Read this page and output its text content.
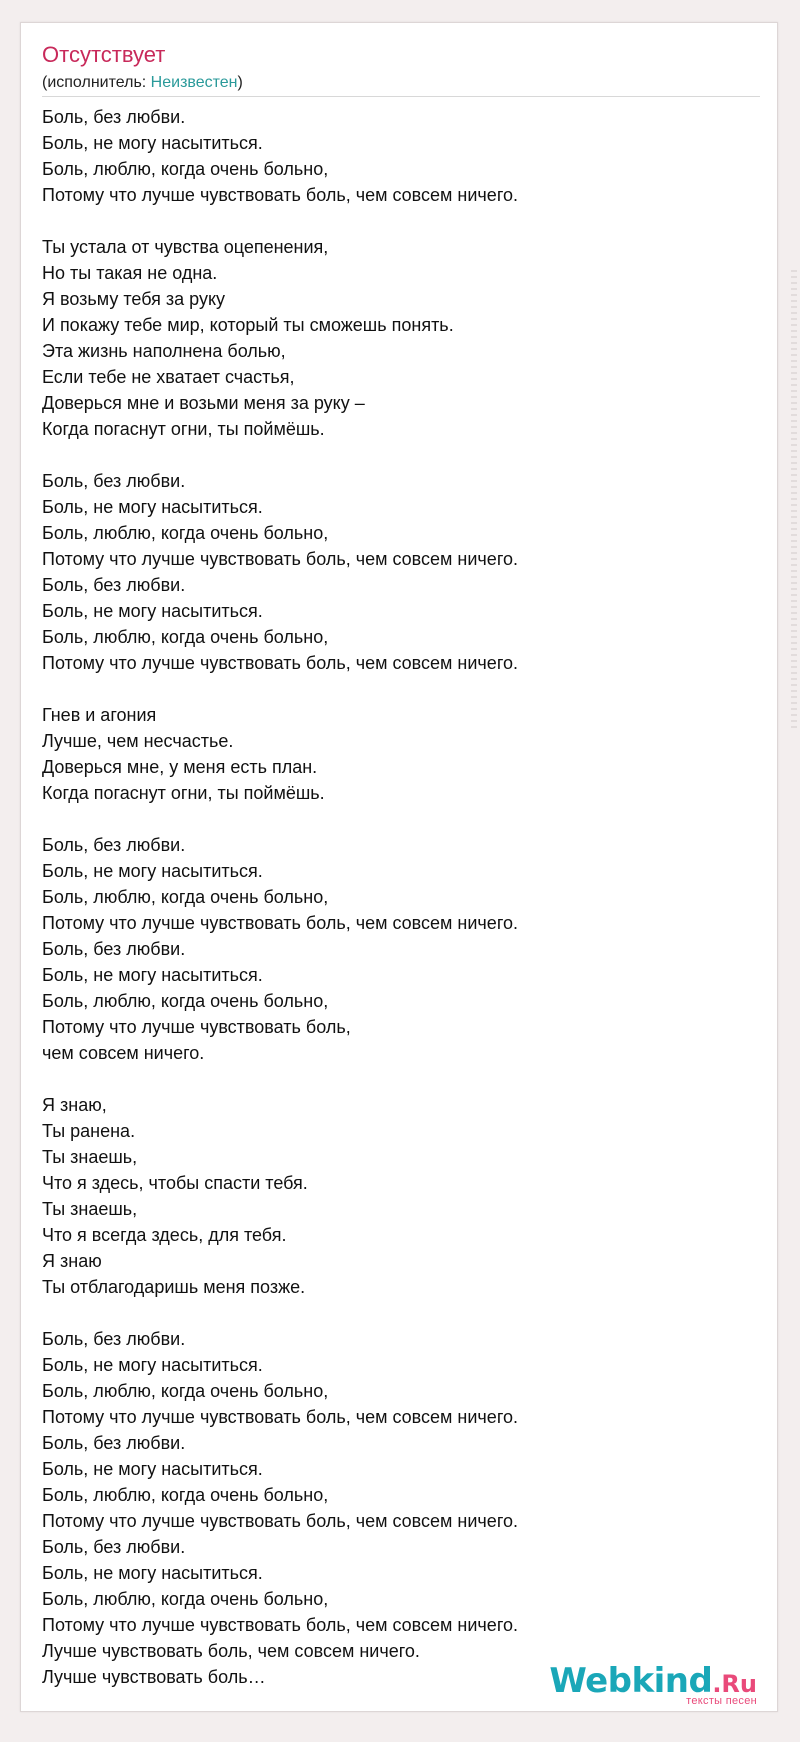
Отсутствует
(исполнитель: Неизвестен)
Боль, без любви.
Боль, не могу насытиться.
Боль, люблю, когда очень больно,
Потому что лучше чувствовать боль, чем совсем ничего.
Ты устала от чувства оцепенения,
Но ты такая не одна.
Я возьму тебя за руку
И покажу тебе мир, который ты сможешь понять.
Эта жизнь наполнена болью,
Если тебе не хватает счастья,
Доверься мне и возьми меня за руку –
Когда погаснут огни, ты поймёшь.
Боль, без любви.
Боль, не могу насытиться.
Боль, люблю, когда очень больно,
Потому что лучше чувствовать боль, чем совсем ничего.
Боль, без любви.
Боль, не могу насытиться.
Боль, люблю, когда очень больно,
Потому что лучше чувствовать боль, чем совсем ничего.
Гнев и агония
Лучше, чем несчастье.
Доверься мне, у меня есть план.
Когда погаснут огни, ты поймёшь.
Боль, без любви.
Боль, не могу насытиться.
Боль, люблю, когда очень больно,
Потому что лучше чувствовать боль, чем совсем ничего.
Боль, без любви.
Боль, не могу насытиться.
Боль, люблю, когда очень больно,
Потому что лучше чувствовать боль,
чем совсем ничего.
Я знаю,
Ты ранена.
Ты знаешь,
Что я здесь, чтобы спасти тебя.
Ты знаешь,
Что я всегда здесь, для тебя.
Я знаю
Ты отблагодаришь меня позже.
Боль, без любви.
Боль, не могу насытиться.
Боль, люблю, когда очень больно,
Потому что лучше чувствовать боль, чем совсем ничего.
Боль, без любви.
Боль, не могу насытиться.
Боль, люблю, когда очень больно,
Потому что лучше чувствовать боль, чем совсем ничего.
Боль, без любви.
Боль, не могу насытиться.
Боль, люблю, когда очень больно,
Потому что лучше чувствовать боль, чем совсем ничего.
Лучше чувствовать боль, чем совсем ничего.
Лучше чувствовать боль…	Webkind.Ru
тексты песен
